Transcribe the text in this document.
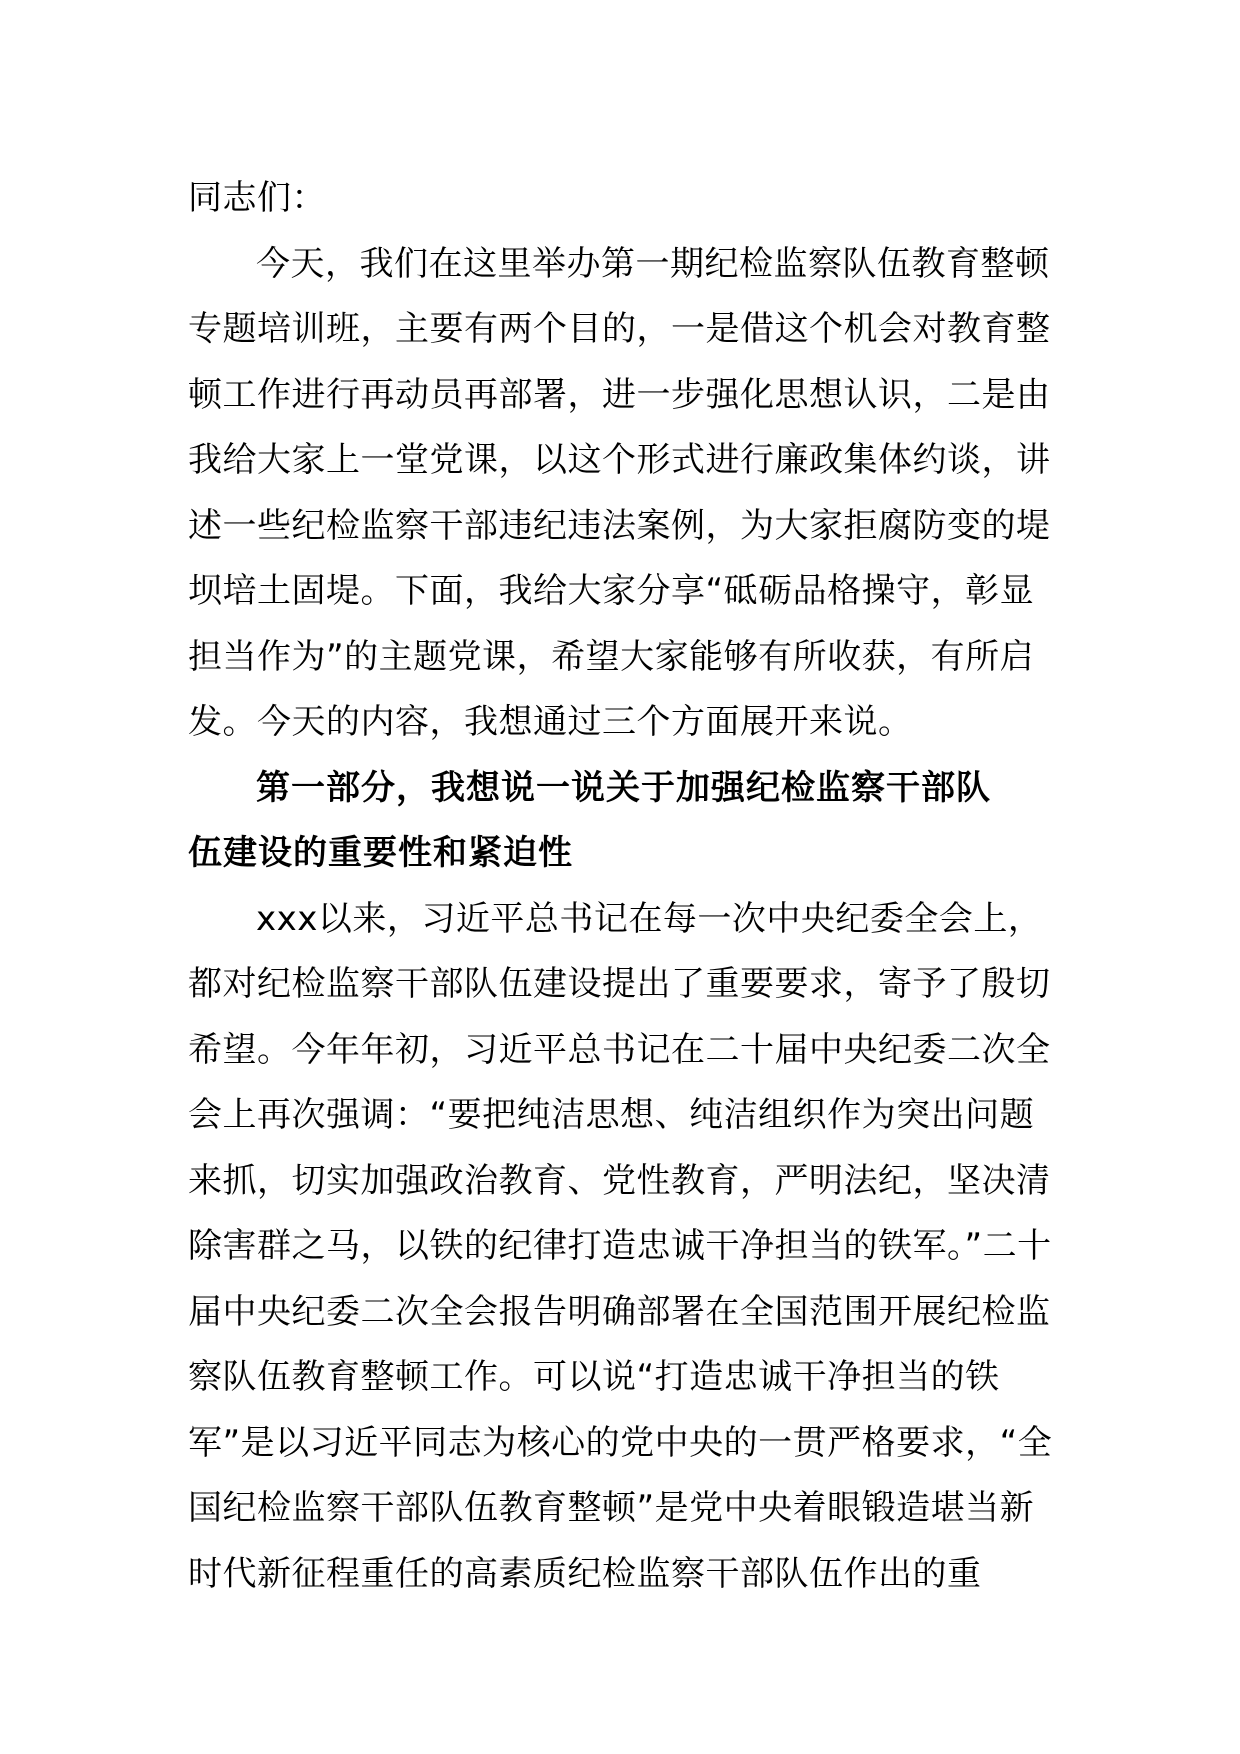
同志们：

今天，我们在这里举办第一期纪检监察队伍教育整顿专题培训班，主要有两个目的，一是借这个机会对教育整顿工作进行再动员再部署，进一步强化思想认识，二是由我给大家上一堂党课，以这个形式进行廉政集体约谈，讲述一些纪检监察干部违纪违法案例，为大家拒腐防变的堤坝培土固堤。下面，我给大家分享“砥砺品格操守，彰显担当作为”的主题党课，希望大家能够有所收获，有所启发。今天的内容，我想通过三个方面展开来说。

第一部分，我想说一说关于加强纪检监察干部队伍建设的重要性和紧迫性

xxx以来，习近平总书记在每一次中央纪委全会上，都对纪检监察干部队伍建设提出了重要要求，寄予了殷切希望。今年年初，习近平总书记在二十届中央纪委二次全会上再次强调：“要把纯洁思想、纯洁组织作为突出问题来抓，切实加强政治教育、党性教育，严明法纪，坚决清除害群之马，以铁的纪律打造忠诚干净担当的铁军。”二十届中央纪委二次全会报告明确部署在全国范围开展纪检监察队伍教育整顿工作。可以说“打造忠诚干净担当的铁军”是以习近平同志为核心的党中央的一贯严格要求，“全国纪检监察干部队伍教育整顿”是党中央着眼锻造堪当新时代新征程重任的高素质纪检监察干部队伍作出的重
